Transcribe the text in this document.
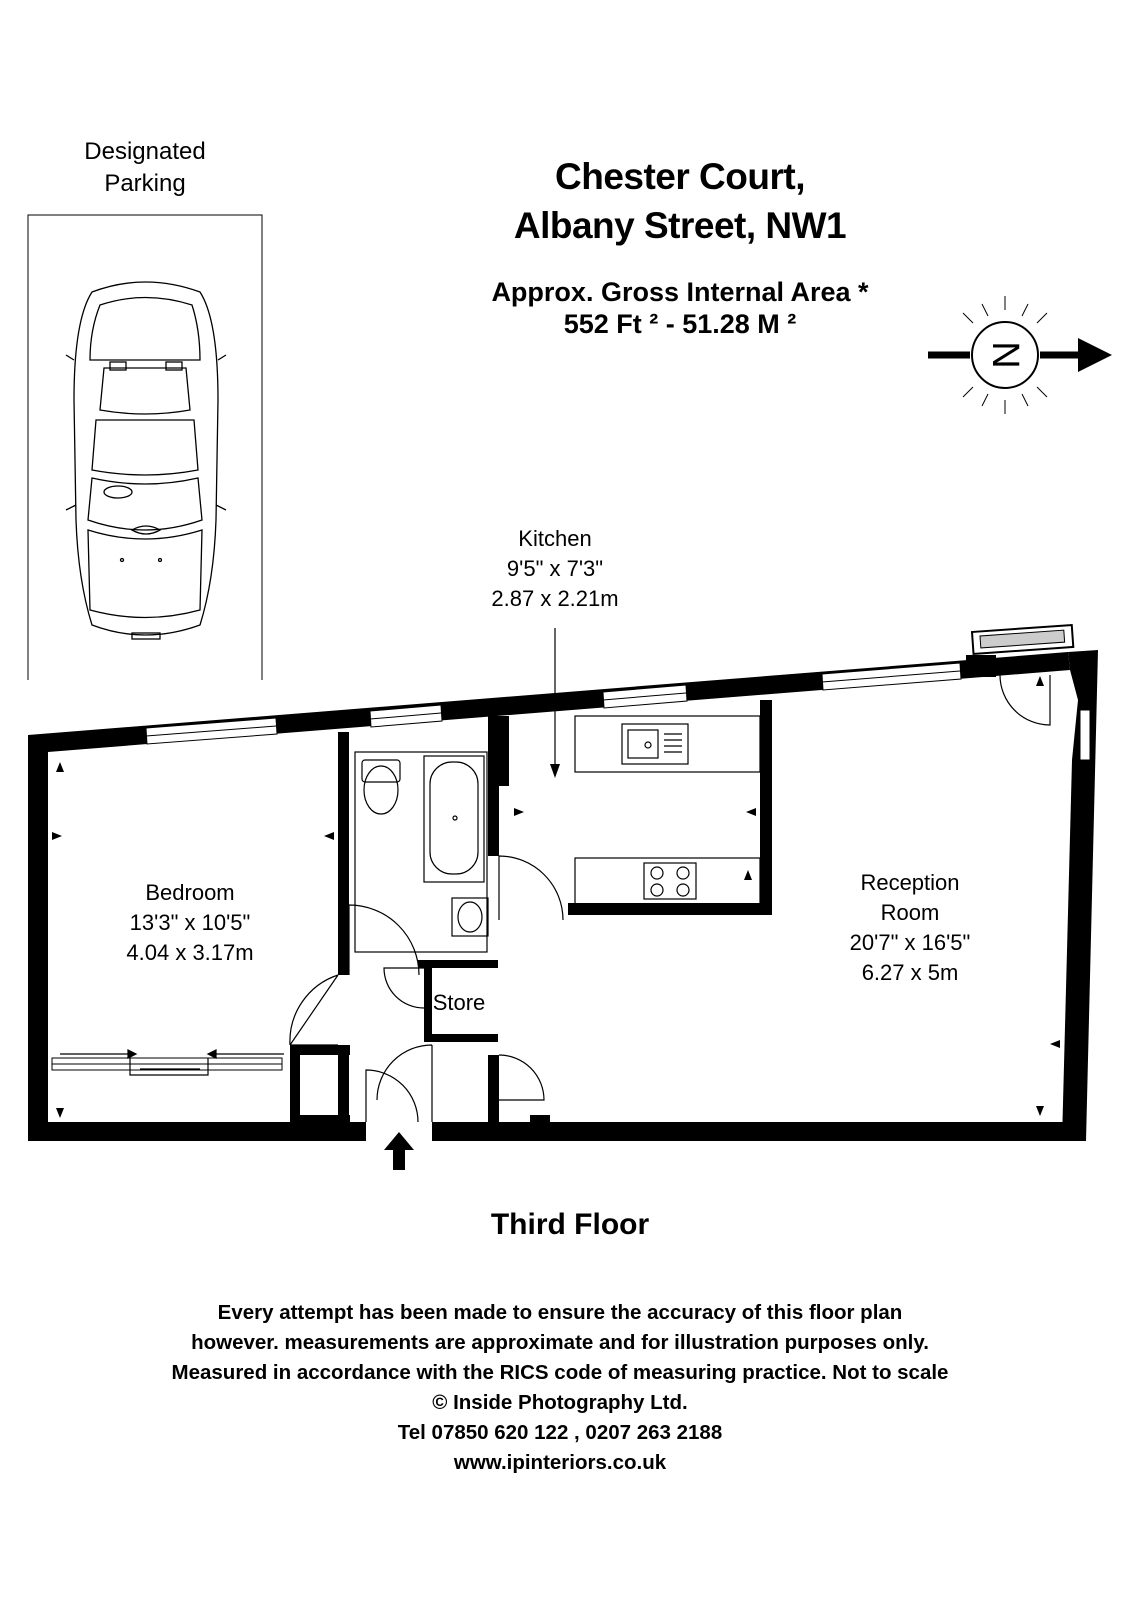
Designated
Parking	Chester Court,
Albany Street, NW1
Approx. Gross Internal Area *
552 Ft ² - 51.28 M ²
N
Kitchen
9'5" x 7'3"
2.87 x 2.21m
Bedroom
13'3" x 10'5"
4.04 x 3.17m
Reception
Room
20'7" x 16'5"
6.27 x 5m
Store
Third Floor
Every attempt has been made to ensure the accuracy of this floor plan
however. measurements are approximate and for illustration purposes only.
Measured in accordance with the RICS code of measuring practice. Not to scale
© Inside Photography Ltd.
Tel 07850 620 122 , 0207 263 2188
www.ipinteriors.co.uk
